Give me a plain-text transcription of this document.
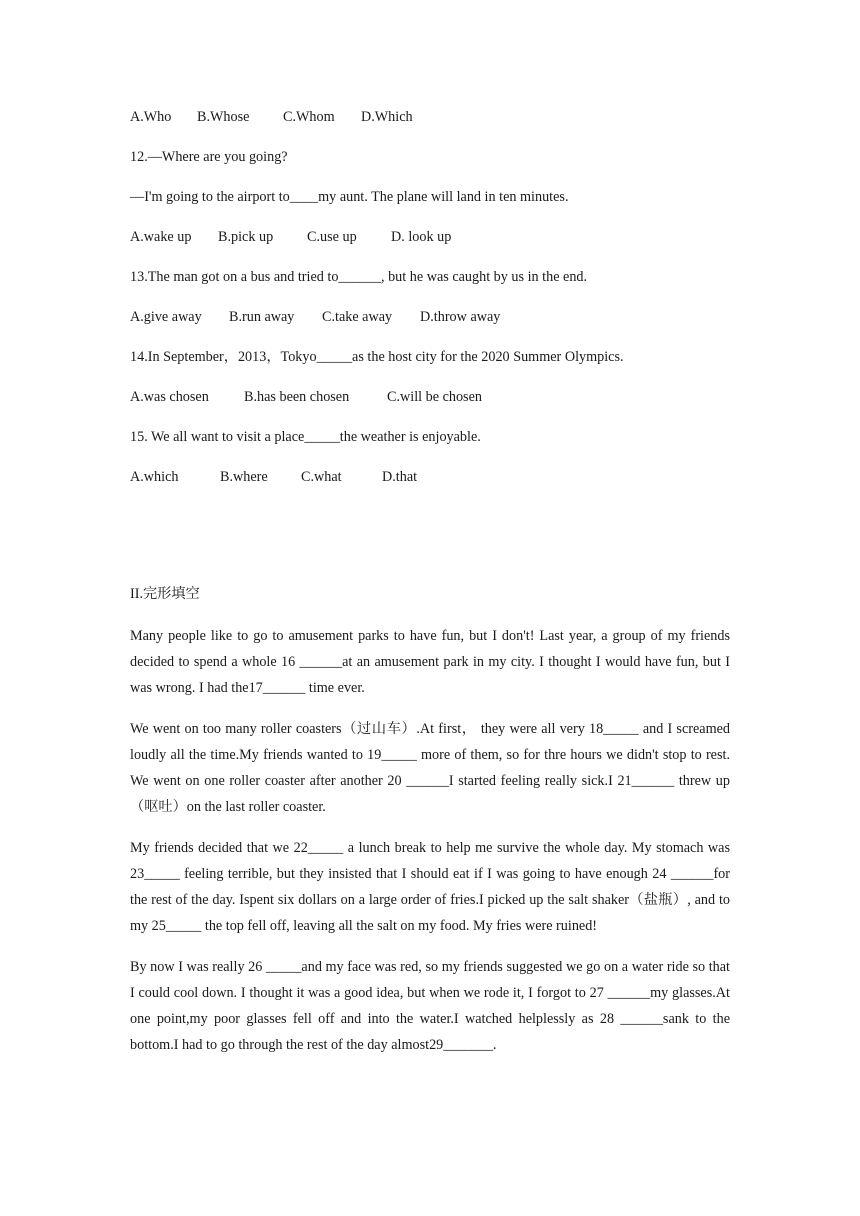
A.Who	B.Whose	C.Whom	D.Which
12.—Where are you going?
—I'm going to the airport to____my aunt. The plane will land in ten minutes.
A.wake up	B.pick up	C.use up	D. look up
13.The man got on a bus and tried to______, but he was caught by us in the end.
A.give away	B.run away	C.take away	D.throw away
14.In September，2013，Tokyo_____as the host city for the 2020 Summer Olympics.
A.was chosen	B.has been chosen	C.will be chosen
15. We all want to visit a place_____the weather is enjoyable.
A.which	B.where	C.what	D.that
II.完形填空

Many people like to go to amusement parks to have fun, but I don't! Last year, a group of my friends decided to spend a whole 16 ______at an amusement park in my city. I thought I would have fun, but I was wrong. I had the17______ time ever.

We went on too many roller coasters（过山车）.At first， they were all very 18_____ and I screamed loudly all the time.My friends wanted to 19_____ more of them, so for thre hours we didn't stop to rest. We went on one roller coaster after another 20 ______I started feeling really sick.I 21______ threw up（呕吐）on the last roller coaster.

My friends decided that we 22_____ a lunch break to help me survive the whole day. My stomach was 23_____ feeling terrible, but they insisted that I should eat if I was going to have enough 24 ______for the rest of the day. Ispent six dollars on a large order of fries.I picked up the salt shaker（盐瓶）, and to my 25_____ the top fell off, leaving all the salt on my food. My fries were ruined!

By now I was really 26 _____and my face was red, so my friends suggested we go on a water ride so that I could cool down. I thought it was a good idea, but when we rode it, I forgot to 27 ______my glasses.At one point,my poor glasses fell off and into the water.I watched helplessly as 28 ______sank to the bottom.I had to go through the rest of the day almost29_______.
